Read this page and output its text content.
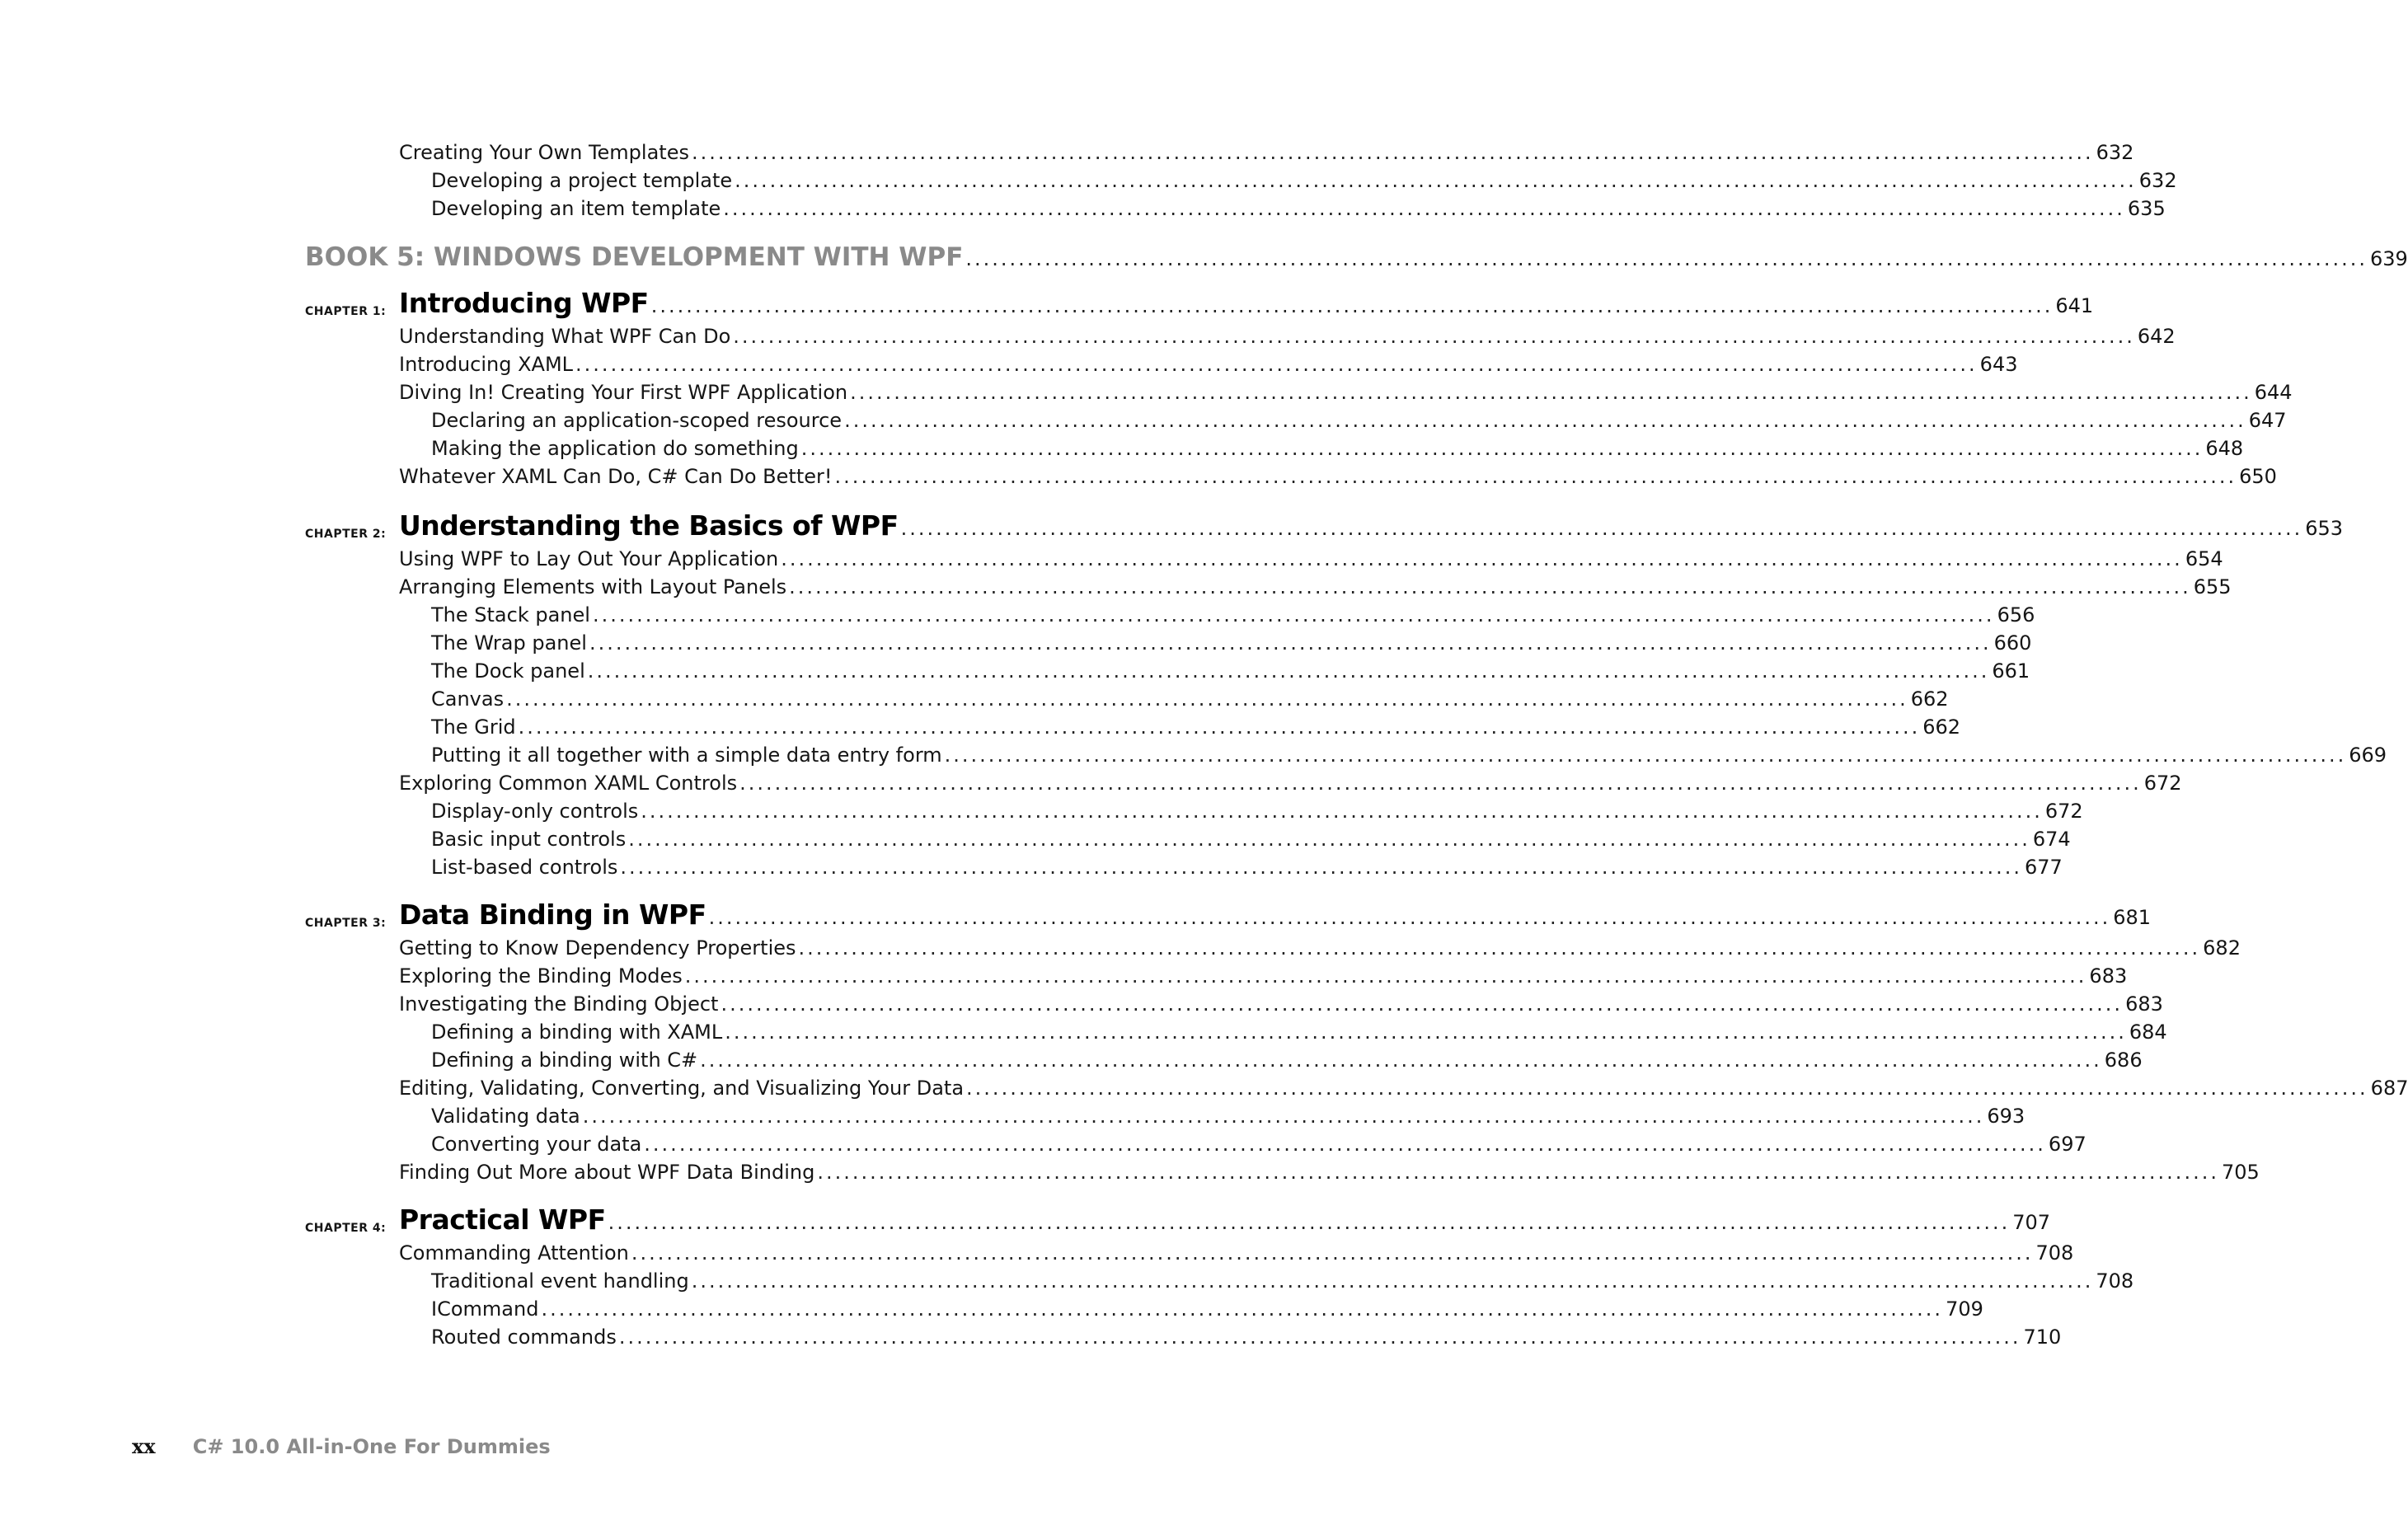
Creating Your Own Templates ................................................................................................................................................................ 632
Developing a project template ................................................................................................................................................................ 632
Developing an item template ................................................................................................................................................................ 635
BOOK 5: WINDOWS DEVELOPMENT WITH WPF ................................................................................................................................................................ 639
CHAPTER 1: Introducing WPF ................................................................................................................................................................ 641
Understanding What WPF Can Do ................................................................................................................................................................ 642
Introducing XAML ................................................................................................................................................................ 643
Diving In! Creating Your First WPF Application ................................................................................................................................................................ 644
Declaring an application-scoped resource ................................................................................................................................................................ 647
Making the application do something ................................................................................................................................................................ 648
Whatever XAML Can Do, C# Can Do Better! ................................................................................................................................................................ 650
CHAPTER 2: Understanding the Basics of WPF ................................................................................................................................................................ 653
Using WPF to Lay Out Your Application ................................................................................................................................................................ 654
Arranging Elements with Layout Panels ................................................................................................................................................................ 655
The Stack panel ................................................................................................................................................................ 656
The Wrap panel ................................................................................................................................................................ 660
The Dock panel ................................................................................................................................................................ 661
Canvas ................................................................................................................................................................ 662
The Grid ................................................................................................................................................................ 662
Putting it all together with a simple data entry form ................................................................................................................................................................ 669
Exploring Common XAML Controls ................................................................................................................................................................ 672
Display-only controls ................................................................................................................................................................ 672
Basic input controls ................................................................................................................................................................ 674
List-based controls ................................................................................................................................................................ 677
CHAPTER 3: Data Binding in WPF ................................................................................................................................................................ 681
Getting to Know Dependency Properties ................................................................................................................................................................ 682
Exploring the Binding Modes ................................................................................................................................................................ 683
Investigating the Binding Object ................................................................................................................................................................ 683
Defining a binding with XAML ................................................................................................................................................................ 684
Defining a binding with C# ................................................................................................................................................................ 686
Editing, Validating, Converting, and Visualizing Your Data ................................................................................................................................................................ 687
Validating data ................................................................................................................................................................ 693
Converting your data ................................................................................................................................................................ 697
Finding Out More about WPF Data Binding ................................................................................................................................................................ 705
CHAPTER 4: Practical WPF ................................................................................................................................................................ 707
Commanding Attention ................................................................................................................................................................ 708
Traditional event handling ................................................................................................................................................................ 708
ICommand ................................................................................................................................................................ 709
Routed commands ................................................................................................................................................................ 710
xx C# 10.0 All-in-One For Dummies
